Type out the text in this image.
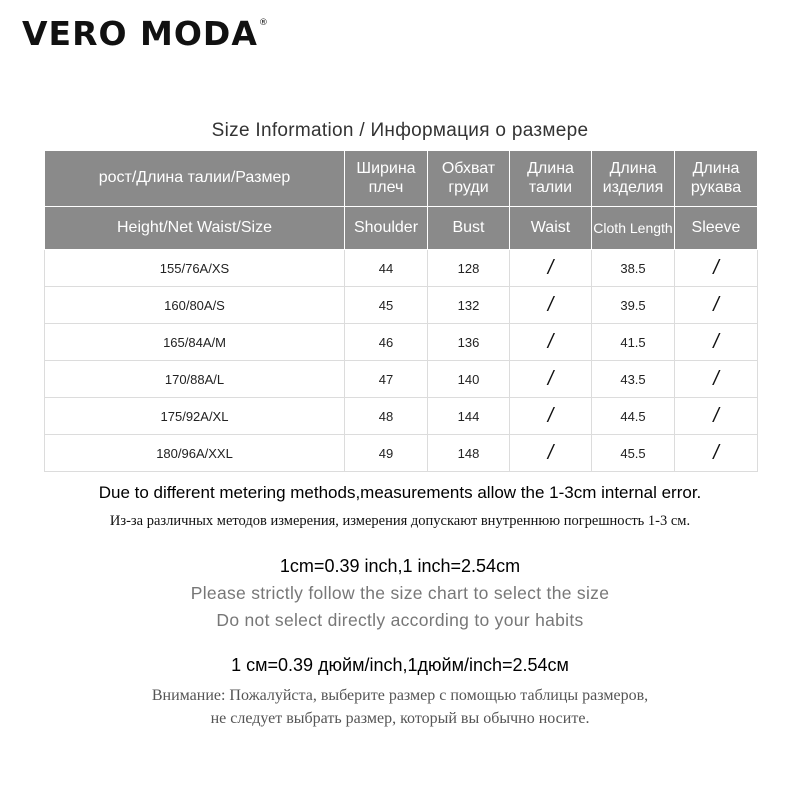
VERO MODA®
Size Information / Информация о размере
рост/Длина талии/Размер	Ширина плеч	Обхват груди	Длина талии	Длина изделия	Длина рукава
Height/Net Waist/Size	Shoulder	Bust	Waist	Cloth Length	Sleeve
155/76A/XS	44	128	/	38.5	/
160/80A/S	45	132	/	39.5	/
165/84A/M	46	136	/	41.5	/
170/88A/L	47	140	/	43.5	/
175/92A/XL	48	144	/	44.5	/
180/96A/XXL	49	148	/	45.5	/
Due to different metering methods,measurements allow the 1-3cm internal error.
Из-за различных методов измерения, измерения допускают внутреннюю погрешность 1-3 см.
1cm=0.39 inch,1 inch=2.54cm
Please strictly follow the size chart to select the size
Do not select directly according to your habits
1 см=0.39 дюйм/inch,1дюйм/inch=2.54см
Внимание: Пожалуйста, выберите размер с помощью таблицы размеров,
не следует выбрать размер, который вы обычно носите.
